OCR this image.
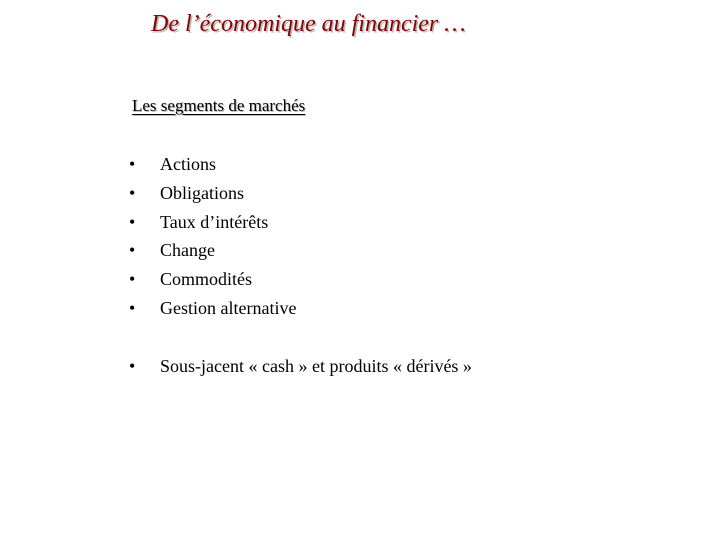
De l’économique au financier …
Les segments de marchés
• Actions
• Obligations
• Taux d’intérêts
• Change
• Commodités
• Gestion alternative
• Sous-jacent « cash » et produits « dérivés »
